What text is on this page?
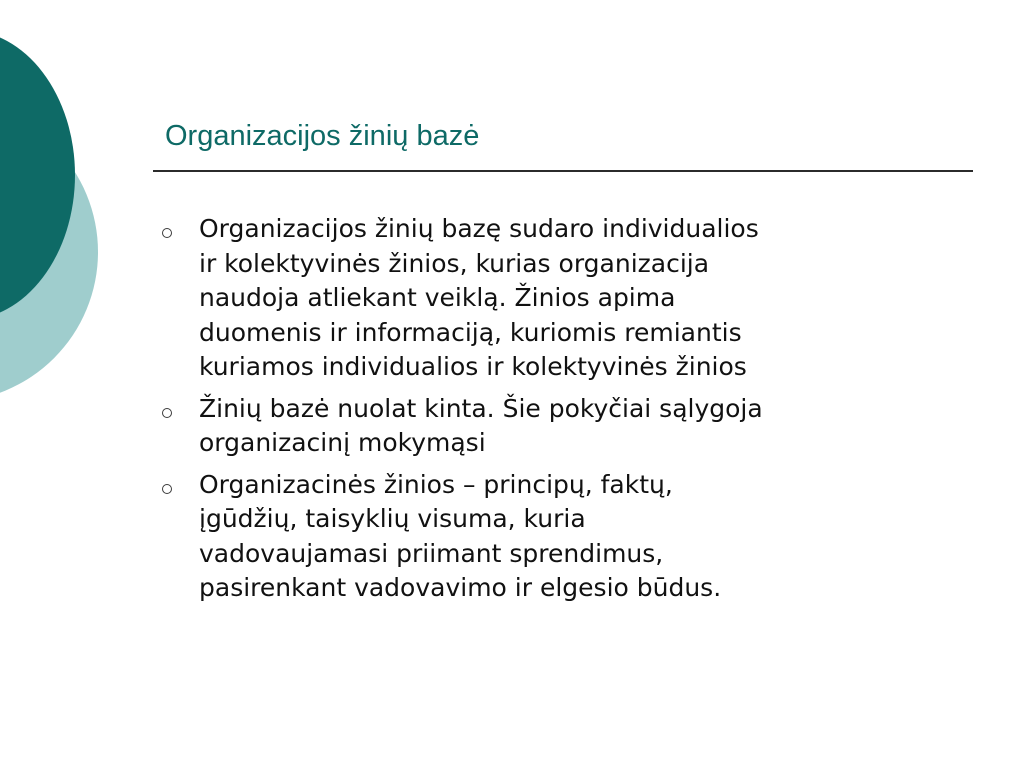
Organizacijos žinių bazė
Organizacijos žinių bazę sudaro individualios
ir kolektyvinės žinios, kurias organizacija
naudoja atliekant veiklą. Žinios apima
duomenis ir informaciją, kuriomis remiantis
kuriamos individualios ir kolektyvinės žinios
Žinių bazė nuolat kinta. Šie pokyčiai sąlygoja
organizacinį mokymąsi
Organizacinės žinios – principų, faktų,
įgūdžių, taisyklių visuma, kuria
vadovaujamasi priimant sprendimus,
pasirenkant vadovavimo ir elgesio būdus.
